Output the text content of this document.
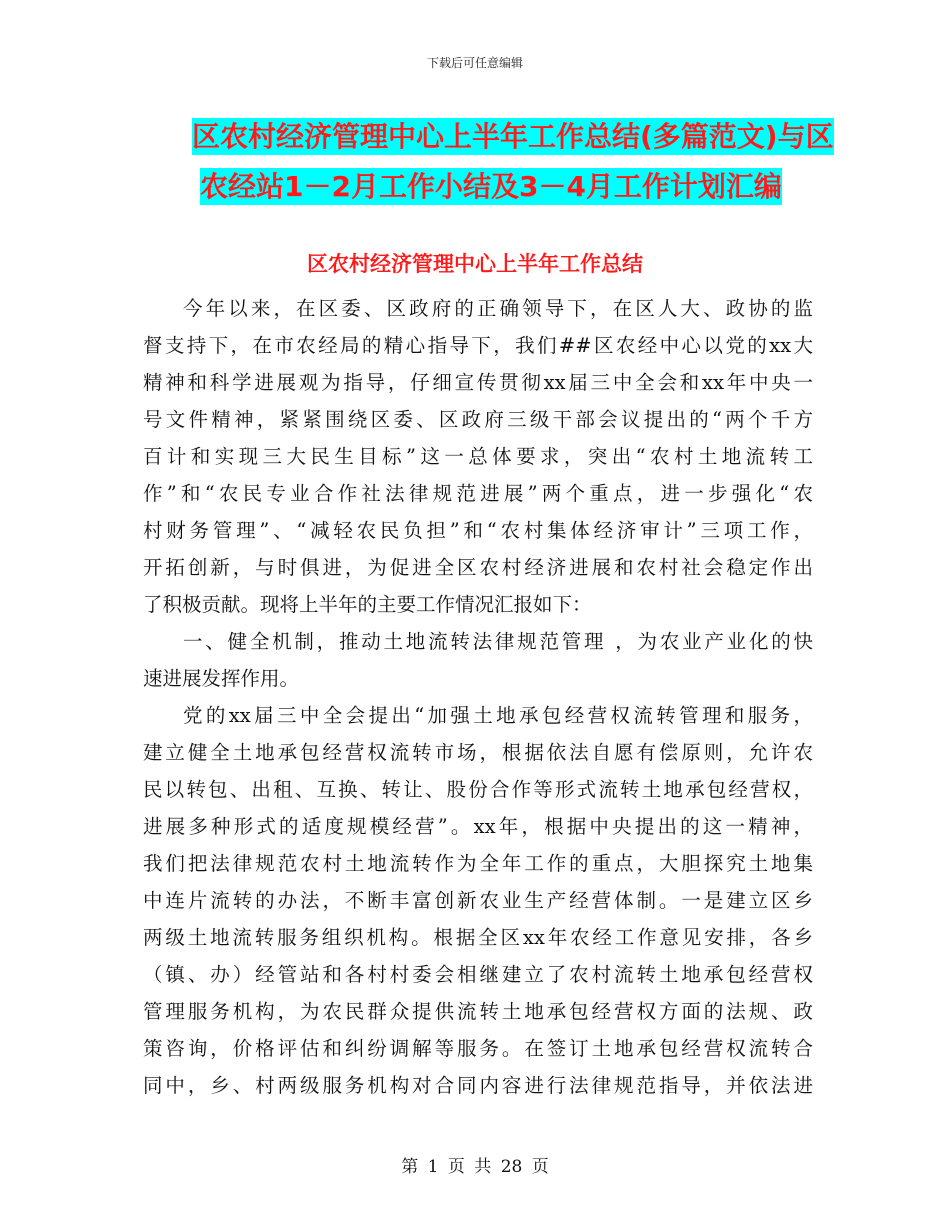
下载后可任意编辑
区农村经济管理中心上半年工作总结(多篇范文)与区
农经站1－2月工作小结及3－4月工作计划汇编
区农村经济管理中心上半年工作总结
今年以来，在区委、区政府的正确领导下，在区人大、政协的监
督支持下，在市农经局的精心指导下，我们##区农经中心以党的xx大
精神和科学进展观为指导，仔细宣传贯彻xx届三中全会和xx年中央一
号文件精神，紧紧围绕区委、区政府三级干部会议提出的“两个千方
百计和实现三大民生目标”这一总体要求，突出“农村土地流转工
作”和“农民专业合作社法律规范进展”两个重点，进一步强化“农
村财务管理”、“减轻农民负担”和“农村集体经济审计”三项工作，
开拓创新，与时俱进，为促进全区农村经济进展和农村社会稳定作出
了积极贡献。现将上半年的主要工作情况汇报如下：
一、健全机制，推动土地流转法律规范管理 ，为农业产业化的快
速进展发挥作用。
党的xx届三中全会提出“加强土地承包经营权流转管理和服务，
建立健全土地承包经营权流转市场，根据依法自愿有偿原则，允许农
民以转包、出租、互换、转让、股份合作等形式流转土地承包经营权，
进展多种形式的适度规模经营”。xx年，根据中央提出的这一精神，
我们把法律规范农村土地流转作为全年工作的重点，大胆探究土地集
中连片流转的办法，不断丰富创新农业生产经营体制。一是建立区乡
两级土地流转服务组织机构。根据全区xx年农经工作意见安排，各乡
（镇、办）经管站和各村村委会相继建立了农村流转土地承包经营权
管理服务机构，为农民群众提供流转土地承包经营权方面的法规、政
策咨询，价格评估和纠纷调解等服务。在签订土地承包经营权流转合
同中，乡、村两级服务机构对合同内容进行法律规范指导，并依法进
第 1 页 共 28 页
